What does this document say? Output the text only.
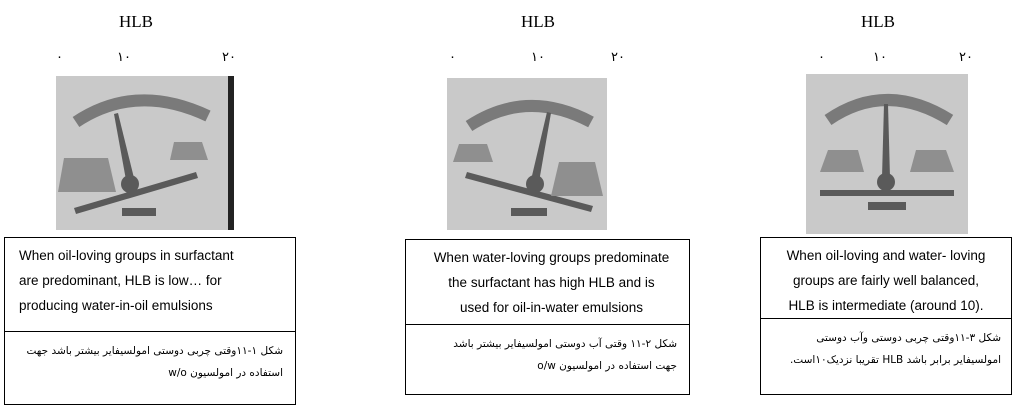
HLB
۰	۱۰	۲۰
When oil-loving groups in surfactant
are predominant, HLB is low… for
producing water-in-oil emulsions
شکل ۱-۱۱وقتی چربی دوستی امولسیفایر بیشتر باشد جهت
استفاده در امولسیون w/o
HLB
۰	۱۰	۲۰
When water-loving groups predominate
the surfactant has high HLB and is
used for oil-in-water emulsions
شکل ۲-۱۱ وقتی آب دوستی امولسیفایر بیشتر باشد
جهت استفاده در امولسیون o/w
HLB
۰	۱۰	۲۰
When oil-loving and water- loving
groups are fairly well balanced,
HLB is intermediate (around 10).
شکل ۳-۱۱وقتی چربی دوستی وآب دوستی
امولسیفایر برابر باشد HLB تقریبا نزدیک۱۰است.
